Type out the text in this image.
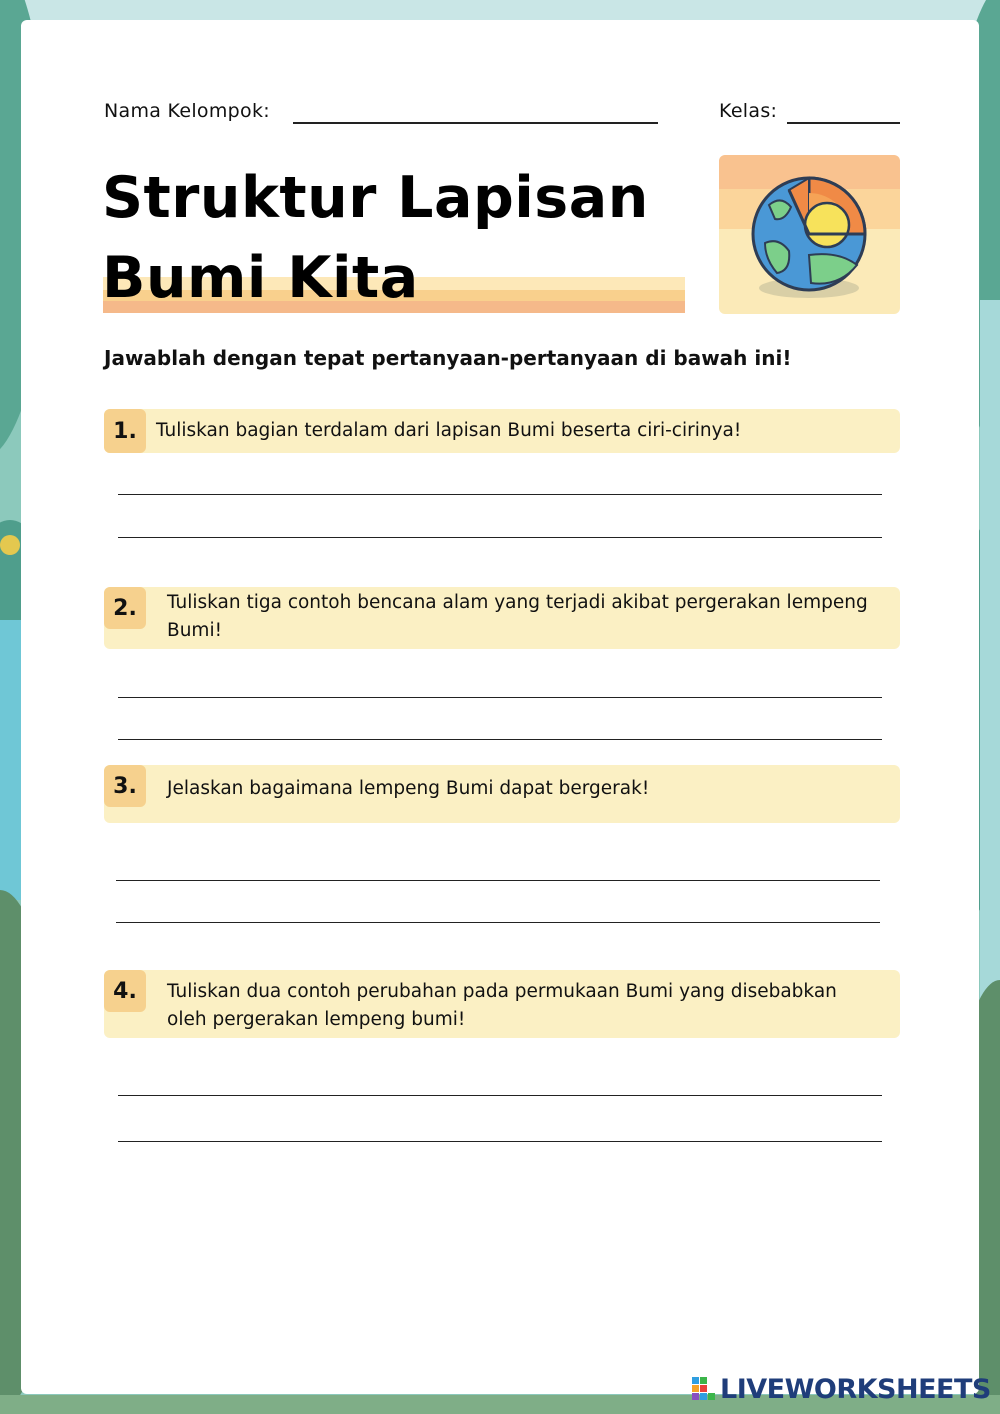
Nama Kelompok:	Kelas:
Struktur Lapisan
Bumi Kita
Jawablah dengan tepat pertanyaan-pertanyaan di bawah ini!
1.	Tuliskan bagian terdalam dari lapisan Bumi beserta ciri-cirinya!
2.	Tuliskan tiga contoh bencana alam yang terjadi akibat pergerakan lempeng Bumi!
3.	Jelaskan bagaimana lempeng Bumi dapat bergerak!
4.	Tuliskan dua contoh perubahan pada permukaan Bumi yang disebabkan oleh pergerakan lempeng bumi!
LIVEWORKSHEETS
